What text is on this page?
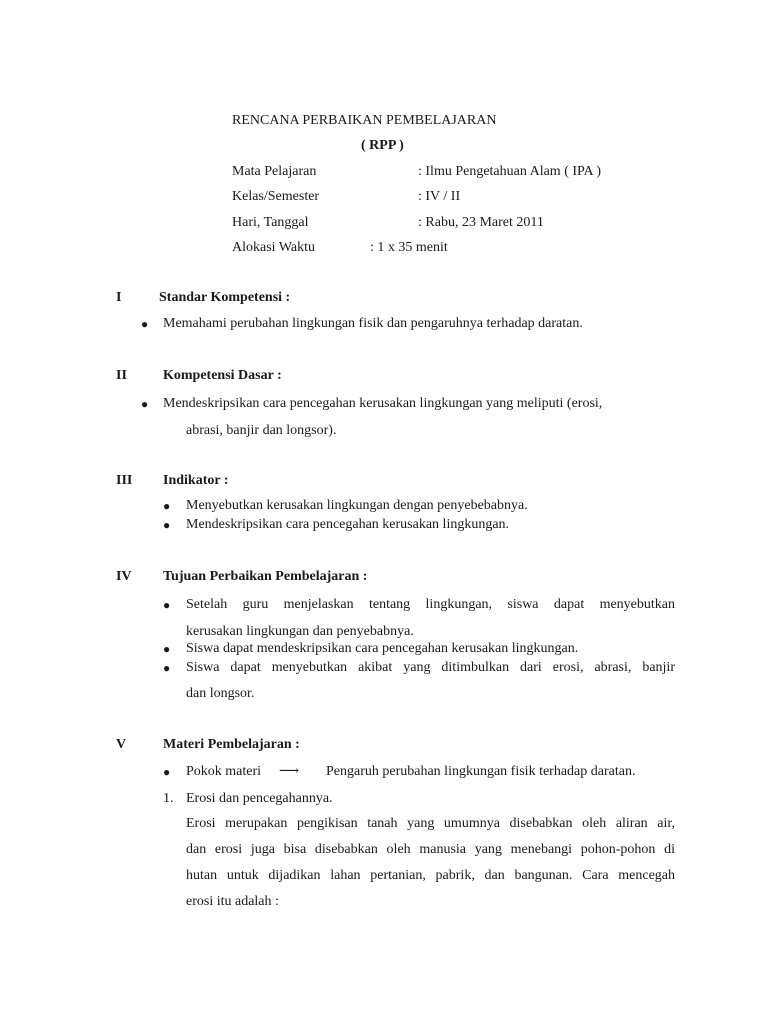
RENCANA PERBAIKAN PEMBELAJARAN
( RPP )
Mata Pelajaran	: Ilmu Pengetahuan Alam ( IPA )
Kelas/Semester	: IV / II
Hari, Tanggal	: Rabu, 23 Maret 2011
Alokasi Waktu	: 1 x 35 menit
I	Standar Kompetensi :
● Memahami perubahan lingkungan fisik dan pengaruhnya terhadap daratan.
II	Kompetensi Dasar :
● Mendeskripsikan cara pencegahan kerusakan lingkungan yang meliputi (erosi,
abrasi, banjir dan longsor).
III Indikator :
● Menyebutkan kerusakan lingkungan dengan penyebebabnya.
● Mendeskripsikan cara pencegahan kerusakan lingkungan.
IV Tujuan Perbaikan Pembelajaran :
● Setelah guru menjelaskan tentang lingkungan, siswa dapat menyebutkan
kerusakan lingkungan dan penyebabnya.
● Siswa dapat mendeskripsikan cara pencegahan kerusakan lingkungan.
● Siswa dapat menyebutkan akibat yang ditimbulkan dari erosi, abrasi, banjir
dan longsor.
V	Materi Pembelajaran :
● Pokok materi ⟶ Pengaruh perubahan lingkungan fisik terhadap daratan.
1. Erosi dan pencegahannya.
Erosi merupakan pengikisan tanah yang umumnya disebabkan oleh aliran air,
dan erosi juga bisa disebabkan oleh manusia yang menebangi pohon-pohon di
hutan untuk dijadikan lahan pertanian, pabrik, dan bangunan. Cara mencegah
erosi itu adalah :
